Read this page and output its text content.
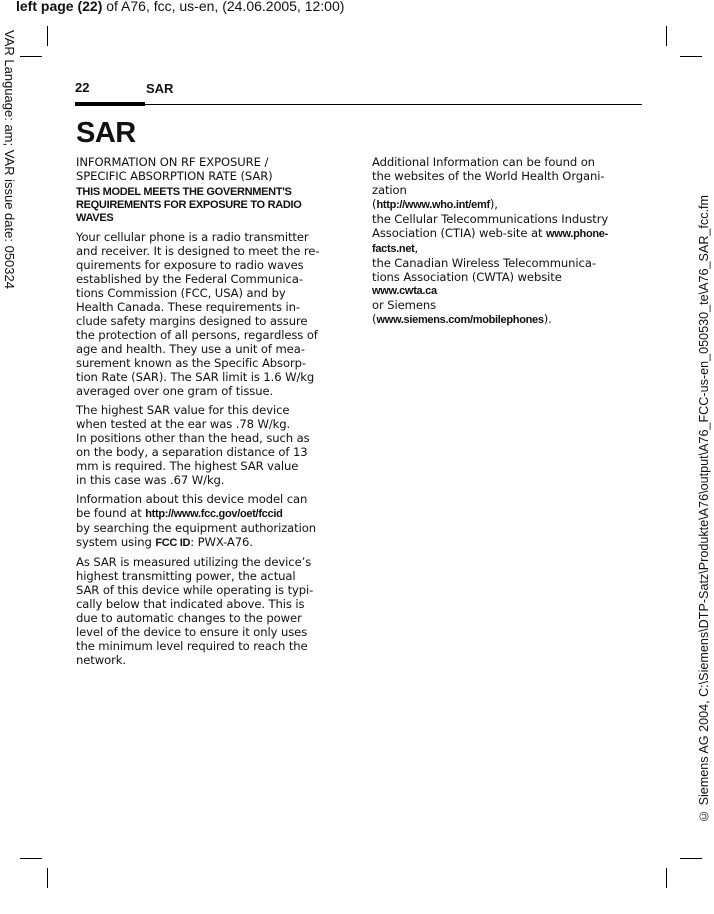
left page (22) of A76, fcc, us-en, (24.06.2005, 12:00)
VAR Language: am; VAR issue date: 050324
© Siemens AG 2004, C:\Siemens\DTP-Satz\Produkte\A76\output\A76_FCC-us-en_050530_te\A76_SAR_fcc.fm
22	SAR
SAR
INFORMATION ON RF EXPOSURE /
SPECIFIC ABSORPTION RATE (SAR)
THIS MODEL MEETS THE GOVERNMENT'S
REQUIREMENTS FOR EXPOSURE TO RADIO
WAVES
Your cellular phone is a radio transmitter
and receiver. It is designed to meet the re-
quirements for exposure to radio waves
established by the Federal Communica-
tions Commission (FCC, USA) and by
Health Canada. These requirements in-
clude safety margins designed to assure
the protection of all persons, regardless of
age and health. They use a unit of mea-
surement known as the Specific Absorp-
tion Rate (SAR). The SAR limit is 1.6 W/kg
averaged over one gram of tissue.
The highest SAR value for this device
when tested at the ear was .78 W/kg.
In positions other than the head, such as
on the body, a separation distance of 13
mm is required. The highest SAR value
in this case was .67 W/kg.
Information about this device model can
be found at http://www.fcc.gov/oet/fccid
by searching the equipment authorization
system using FCC ID: PWX-A76.
As SAR is measured utilizing the device’s
highest transmitting power, the actual
SAR of this device while operating is typi-
cally below that indicated above. This is
due to automatic changes to the power
level of the device to ensure it only uses
the minimum level required to reach the
network.
Additional Information can be found on
the websites of the World Health Organi-
zation
(http://www.who.int/emf),
the Cellular Telecommunications Industry
Association (CTIA) web-site at www.phone-
facts.net,
the Canadian Wireless Telecommunica-
tions Association (CWTA) website
www.cwta.ca
or Siemens
(www.siemens.com/mobilephones).
